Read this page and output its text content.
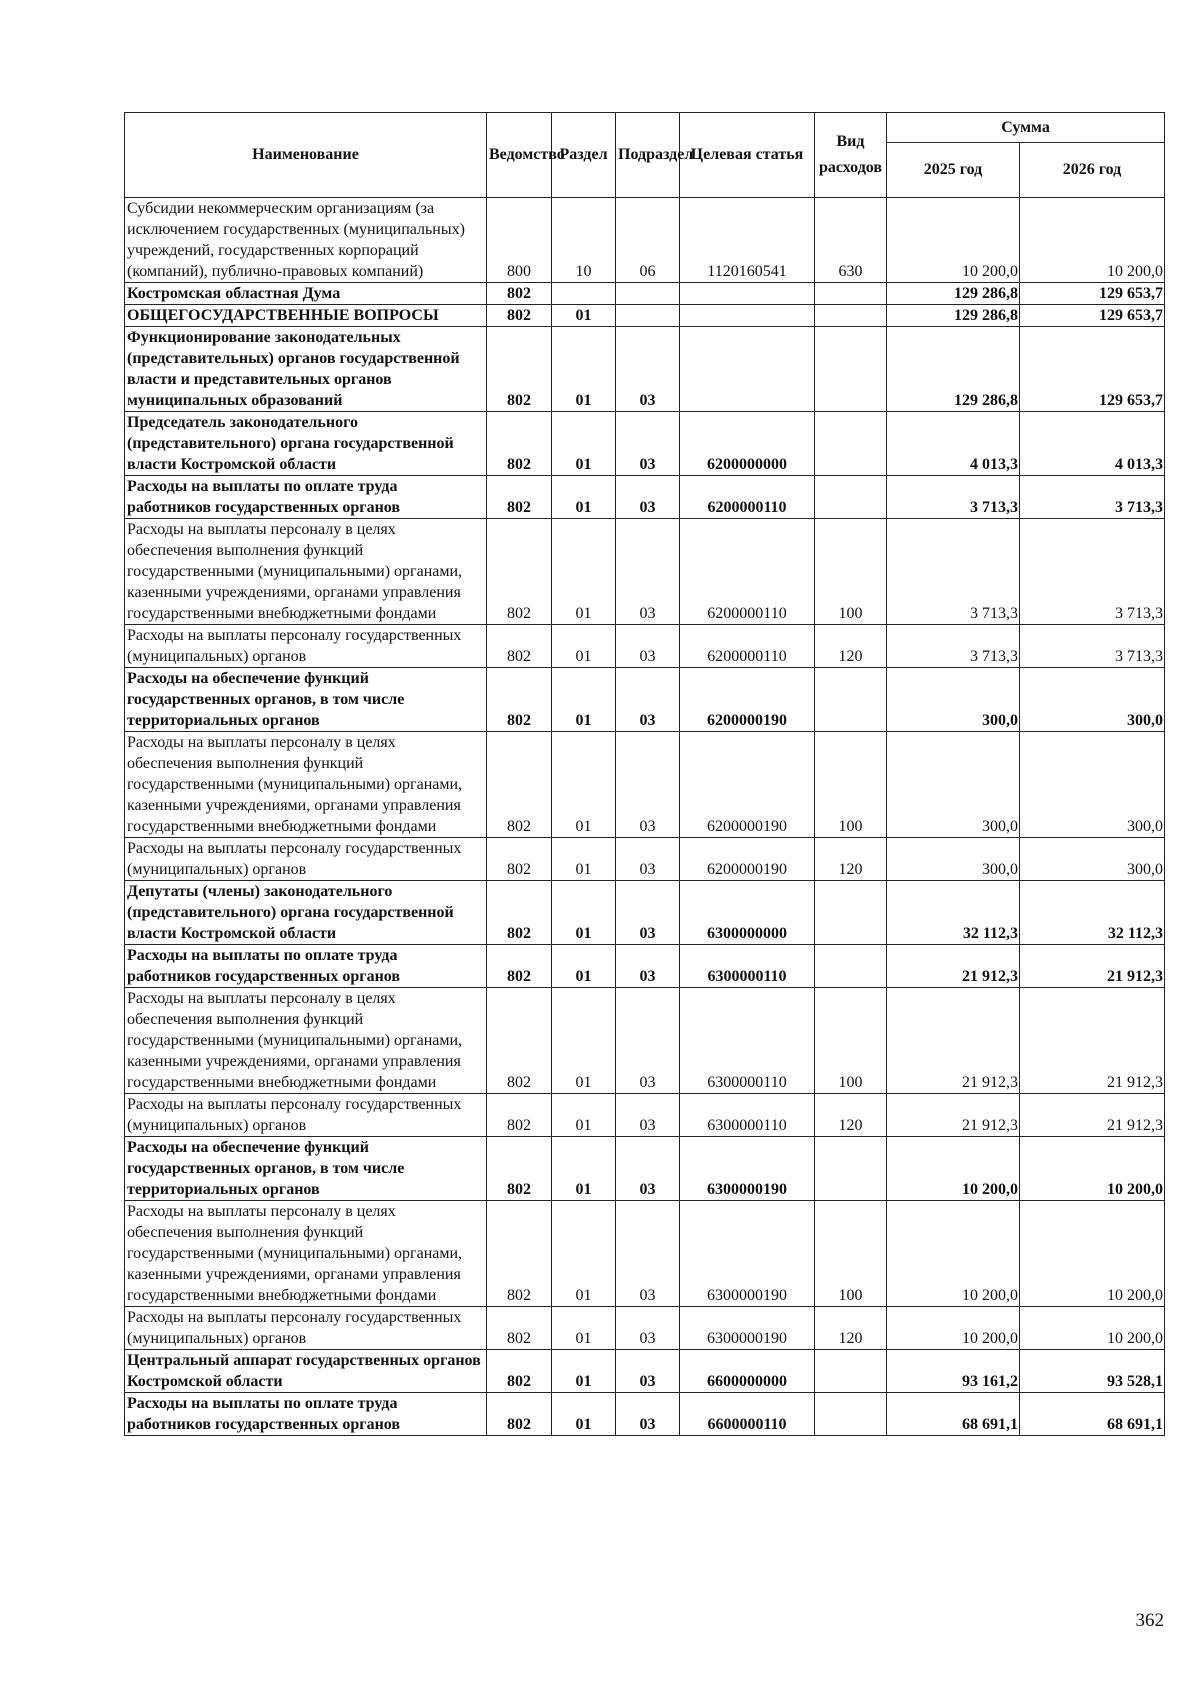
Наименование	Ведомство	Раздел	Подраздел	Целевая статья	Вид расходов	Сумма	
						2025 год	2026 год
Субсидии некоммерческим организациям (за исключением государственных (муниципальных) учреждений, государственных корпораций (компаний), публично-правовых компаний)	800	10	06	1120160541	630	10 200,0	10 200,0
Костромская областная Дума	802					129 286,8	129 653,7
ОБЩЕГОСУДАРСТВЕННЫЕ ВОПРОСЫ	802	01				129 286,8	129 653,7
Функционирование законодательных (представительных) органов государственной власти и представительных органов муниципальных образований	802	01	03			129 286,8	129 653,7
Председатель законодательного (представительного) органа государственной власти Костромской области	802	01	03	6200000000		4 013,3	4 013,3
Расходы на выплаты по оплате труда работников государственных органов	802	01	03	6200000110		3 713,3	3 713,3
Расходы на выплаты персоналу в целях обеспечения выполнения функций государственными (муниципальными) органами, казенными учреждениями, органами управления государственными внебюджетными фондами	802	01	03	6200000110	100	3 713,3	3 713,3
Расходы на выплаты персоналу государственных (муниципальных) органов	802	01	03	6200000110	120	3 713,3	3 713,3
Расходы на обеспечение функций государственных органов, в том числе территориальных органов	802	01	03	6200000190		300,0	300,0
Расходы на выплаты персоналу в целях обеспечения выполнения функций государственными (муниципальными) органами, казенными учреждениями, органами управления государственными внебюджетными фондами	802	01	03	6200000190	100	300,0	300,0
Расходы на выплаты персоналу государственных (муниципальных) органов	802	01	03	6200000190	120	300,0	300,0
Депутаты (члены) законодательного (представительного) органа государственной власти Костромской области	802	01	03	6300000000		32 112,3	32 112,3
Расходы на выплаты по оплате труда работников государственных органов	802	01	03	6300000110		21 912,3	21 912,3
Расходы на выплаты персоналу в целях обеспечения выполнения функций государственными (муниципальными) органами, казенными учреждениями, органами управления государственными внебюджетными фондами	802	01	03	6300000110	100	21 912,3	21 912,3
Расходы на выплаты персоналу государственных (муниципальных) органов	802	01	03	6300000110	120	21 912,3	21 912,3
Расходы на обеспечение функций государственных органов, в том числе территориальных органов	802	01	03	6300000190		10 200,0	10 200,0
Расходы на выплаты персоналу в целях обеспечения выполнения функций государственными (муниципальными) органами, казенными учреждениями, органами управления государственными внебюджетными фондами	802	01	03	6300000190	100	10 200,0	10 200,0
Расходы на выплаты персоналу государственных (муниципальных) органов	802	01	03	6300000190	120	10 200,0	10 200,0
Центральный аппарат государственных органов Костромской области	802	01	03	6600000000		93 161,2	93 528,1
Расходы на выплаты по оплате труда работников государственных органов	802	01	03	6600000110		68 691,1	68 691,1
362
